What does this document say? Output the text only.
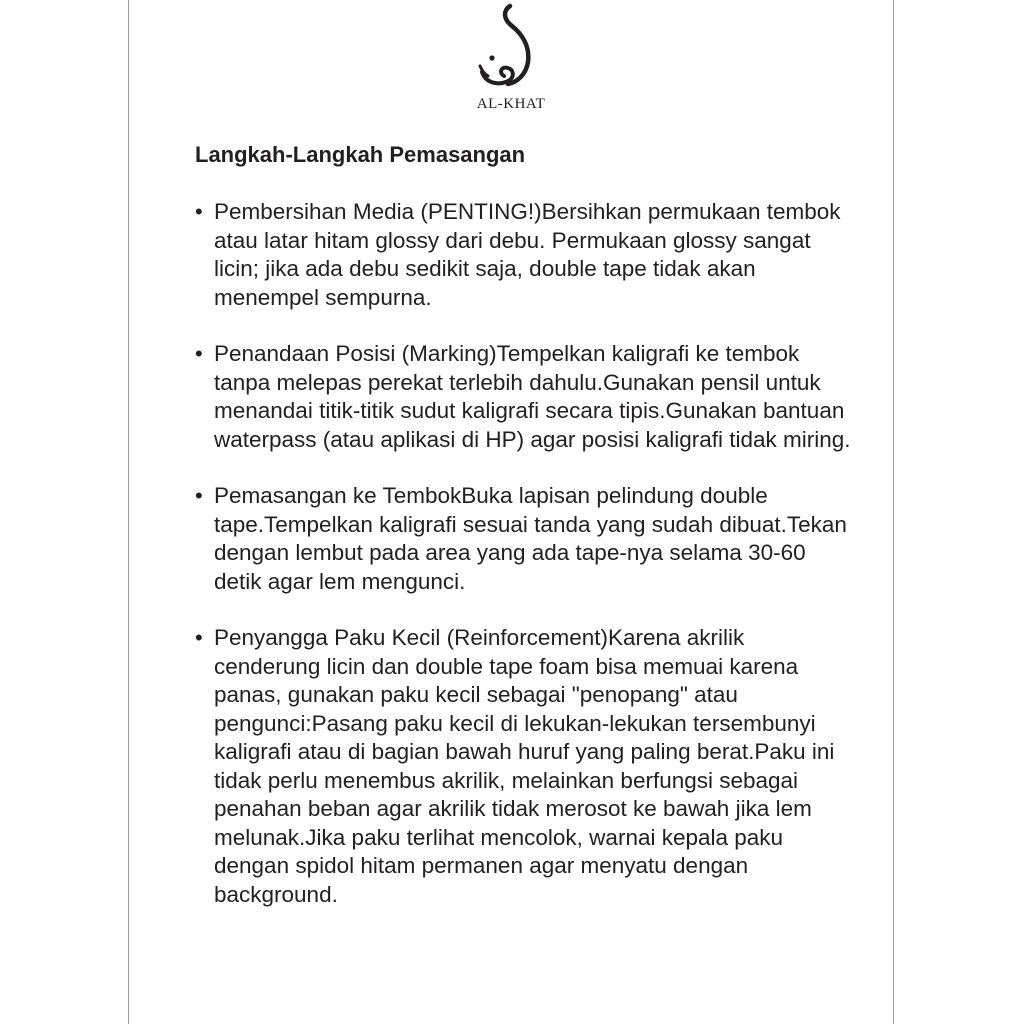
AL-KHAT
Langkah-Langkah Pemasangan
• Pembersihan Media (PENTING!)Bersihkan permukaan tembok atau latar hitam glossy dari debu. Permukaan glossy sangat licin; jika ada debu sedikit saja, double tape tidak akan menempel sempurna.
• Penandaan Posisi (Marking)Tempelkan kaligrafi ke tembok tanpa melepas perekat terlebih dahulu.Gunakan pensil untuk menandai titik-titik sudut kaligrafi secara tipis.Gunakan bantuan waterpass (atau aplikasi di HP) agar posisi kaligrafi tidak miring.
• Pemasangan ke TembokBuka lapisan pelindung double tape.Tempelkan kaligrafi sesuai tanda yang sudah dibuat.Tekan dengan lembut pada area yang ada tape-nya selama 30-60 detik agar lem mengunci.
• Penyangga Paku Kecil (Reinforcement)Karena akrilik cenderung licin dan double tape foam bisa memuai karena panas, gunakan paku kecil sebagai "penopang" atau pengunci:Pasang paku kecil di lekukan-lekukan tersembunyi kaligrafi atau di bagian bawah huruf yang paling berat.Paku ini tidak perlu menembus akrilik, melainkan berfungsi sebagai penahan beban agar akrilik tidak merosot ke bawah jika lem melunak.Jika paku terlihat mencolok, warnai kepala paku dengan spidol hitam permanen agar menyatu dengan background.
